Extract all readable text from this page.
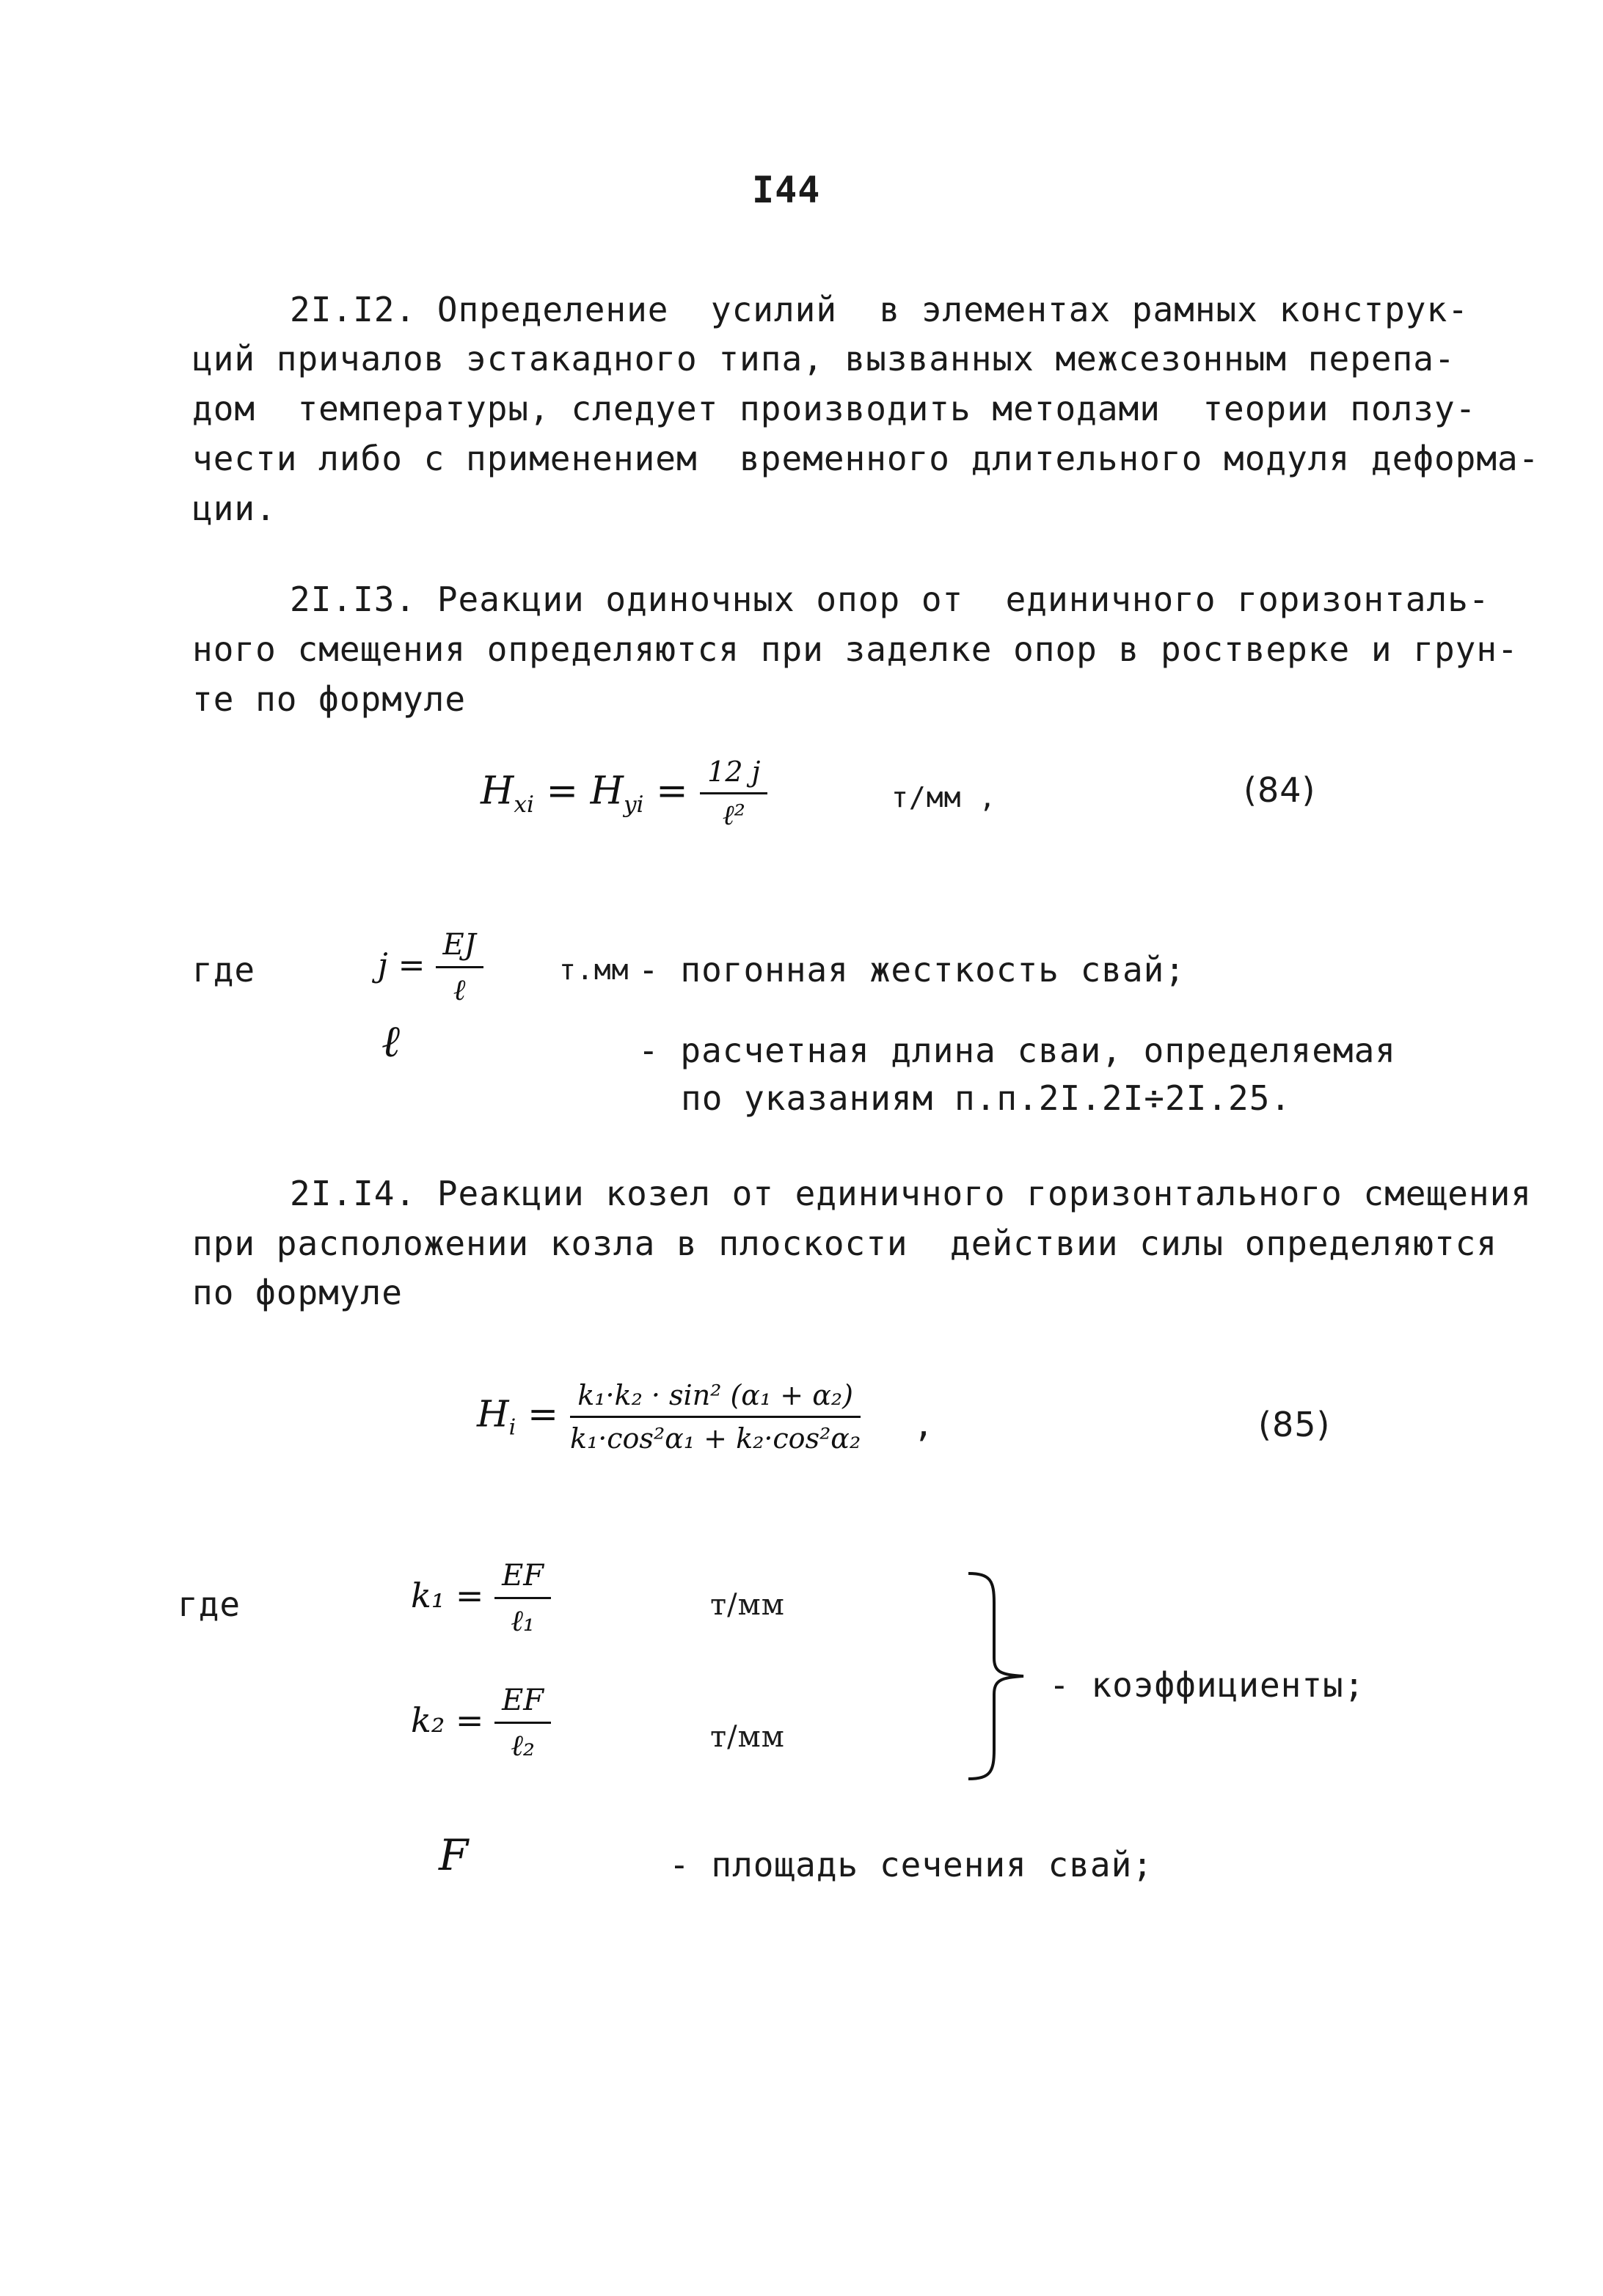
I44
2I.I2. Определение  усилий  в элементах рамных конструк-
ций причалов эстакадного типа, вызванных межсезонным перепа-
дом  температуры, следует производить методами  теории ползу-
чести либо с применением  временного длительного модуля деформа-
ции.
2I.I3. Реакции одиночных опор от  единичного горизонталь-
ного смещения определяются при заделке опор в ростверке и грун-
те по формуле
$H_{xi} = H_{yi} = \frac{12 j}{\text{ℓ²}}$	т/мм ,	(84)
где	$j = \frac{EJ}{\text{ℓ}}$	т.мм - погонная жесткость свай;
ℓ	- расчетная длина сваи, определяемая
по указаниям п.п.2I.2I÷2I.25.
2I.I4. Реакции козел от единичного горизонтального смещения
при расположении козла в плоскости  действии силы определяются
по формуле
$H_i = \frac{\text{k₁·k₂ · sin² (α₁ + α₂)}}{\text{k₁·cos²α₁ + k₂·cos²α₂}}$ ,	(85)
где	$k_1 = \frac{EF}{\text{ℓ₁}}$	т/мм
$k_2 = \frac{EF}{\text{ℓ₂}}$	т/мм
- коэффициенты;
F	- площадь сечения свай;
